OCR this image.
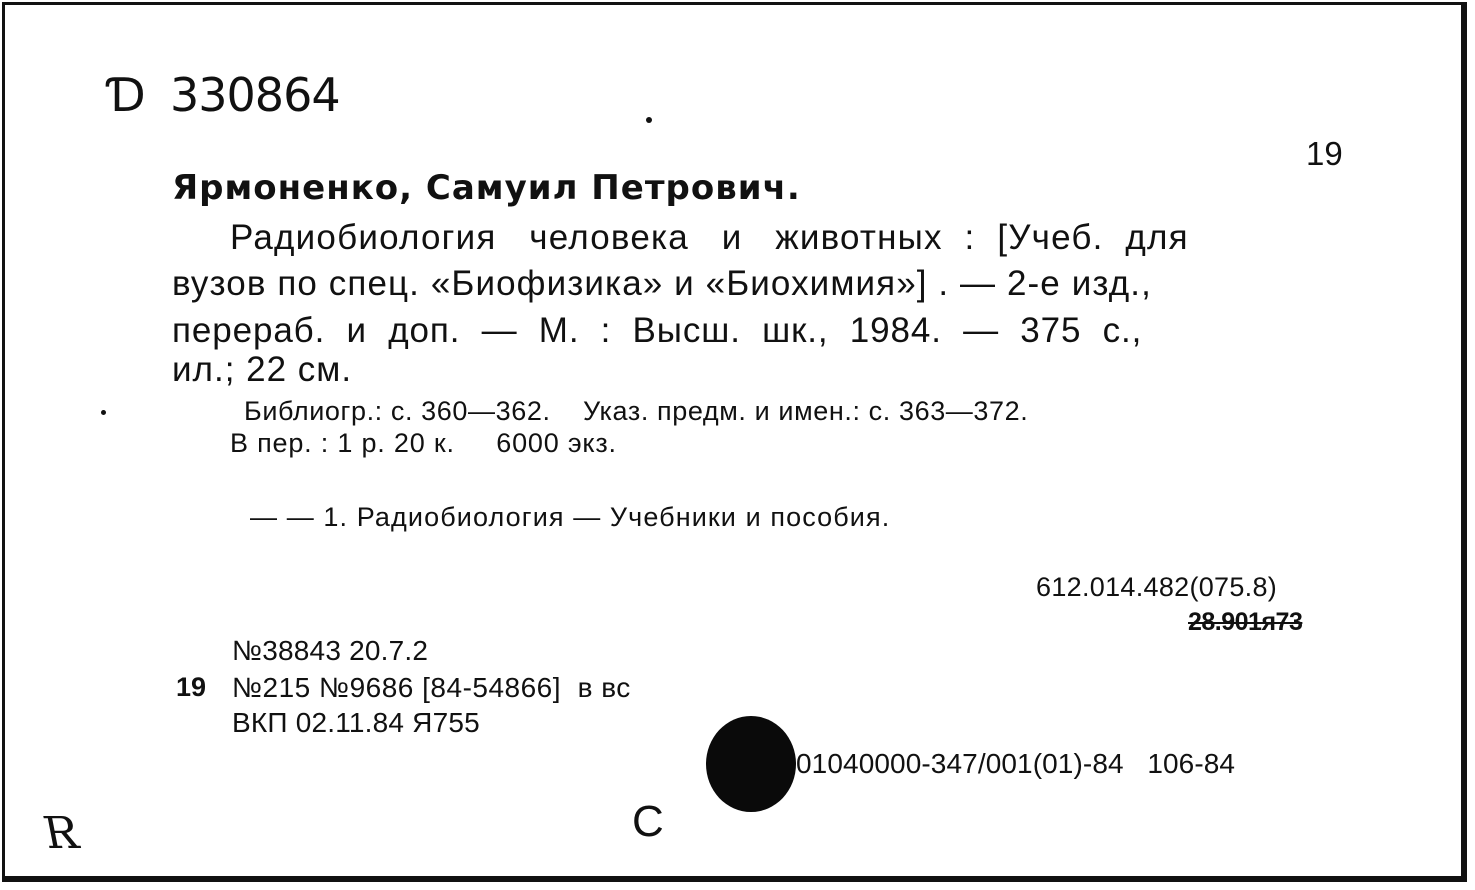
Ɗ 330864
19
Ярмоненко, Самуил Петрович.
Радиобиология   человека   и   животных  :  [Учеб.  для
вузов по спец. «Биофизика» и «Биохимия»] . — 2-е изд.,
перераб.  и  доп.  —  М.  :  Высш.  шк.,  1984.  —  375  с.,
ил.; 22 см.
Библиогр.: с. 360—362.    Указ. предм. и имен.: с. 363—372.
В пер. : 1 р. 20 к.     6000 экз.
— — 1. Радиобиология — Учебники и пособия.
612.014.482(075.8)
28.901я73
№38843 20.7.2
19 №215 №9686 [84-54866]  в вс
ВКП 02.11.84 Я755
01040000-347/001(01)-84   106-84
C
Я
